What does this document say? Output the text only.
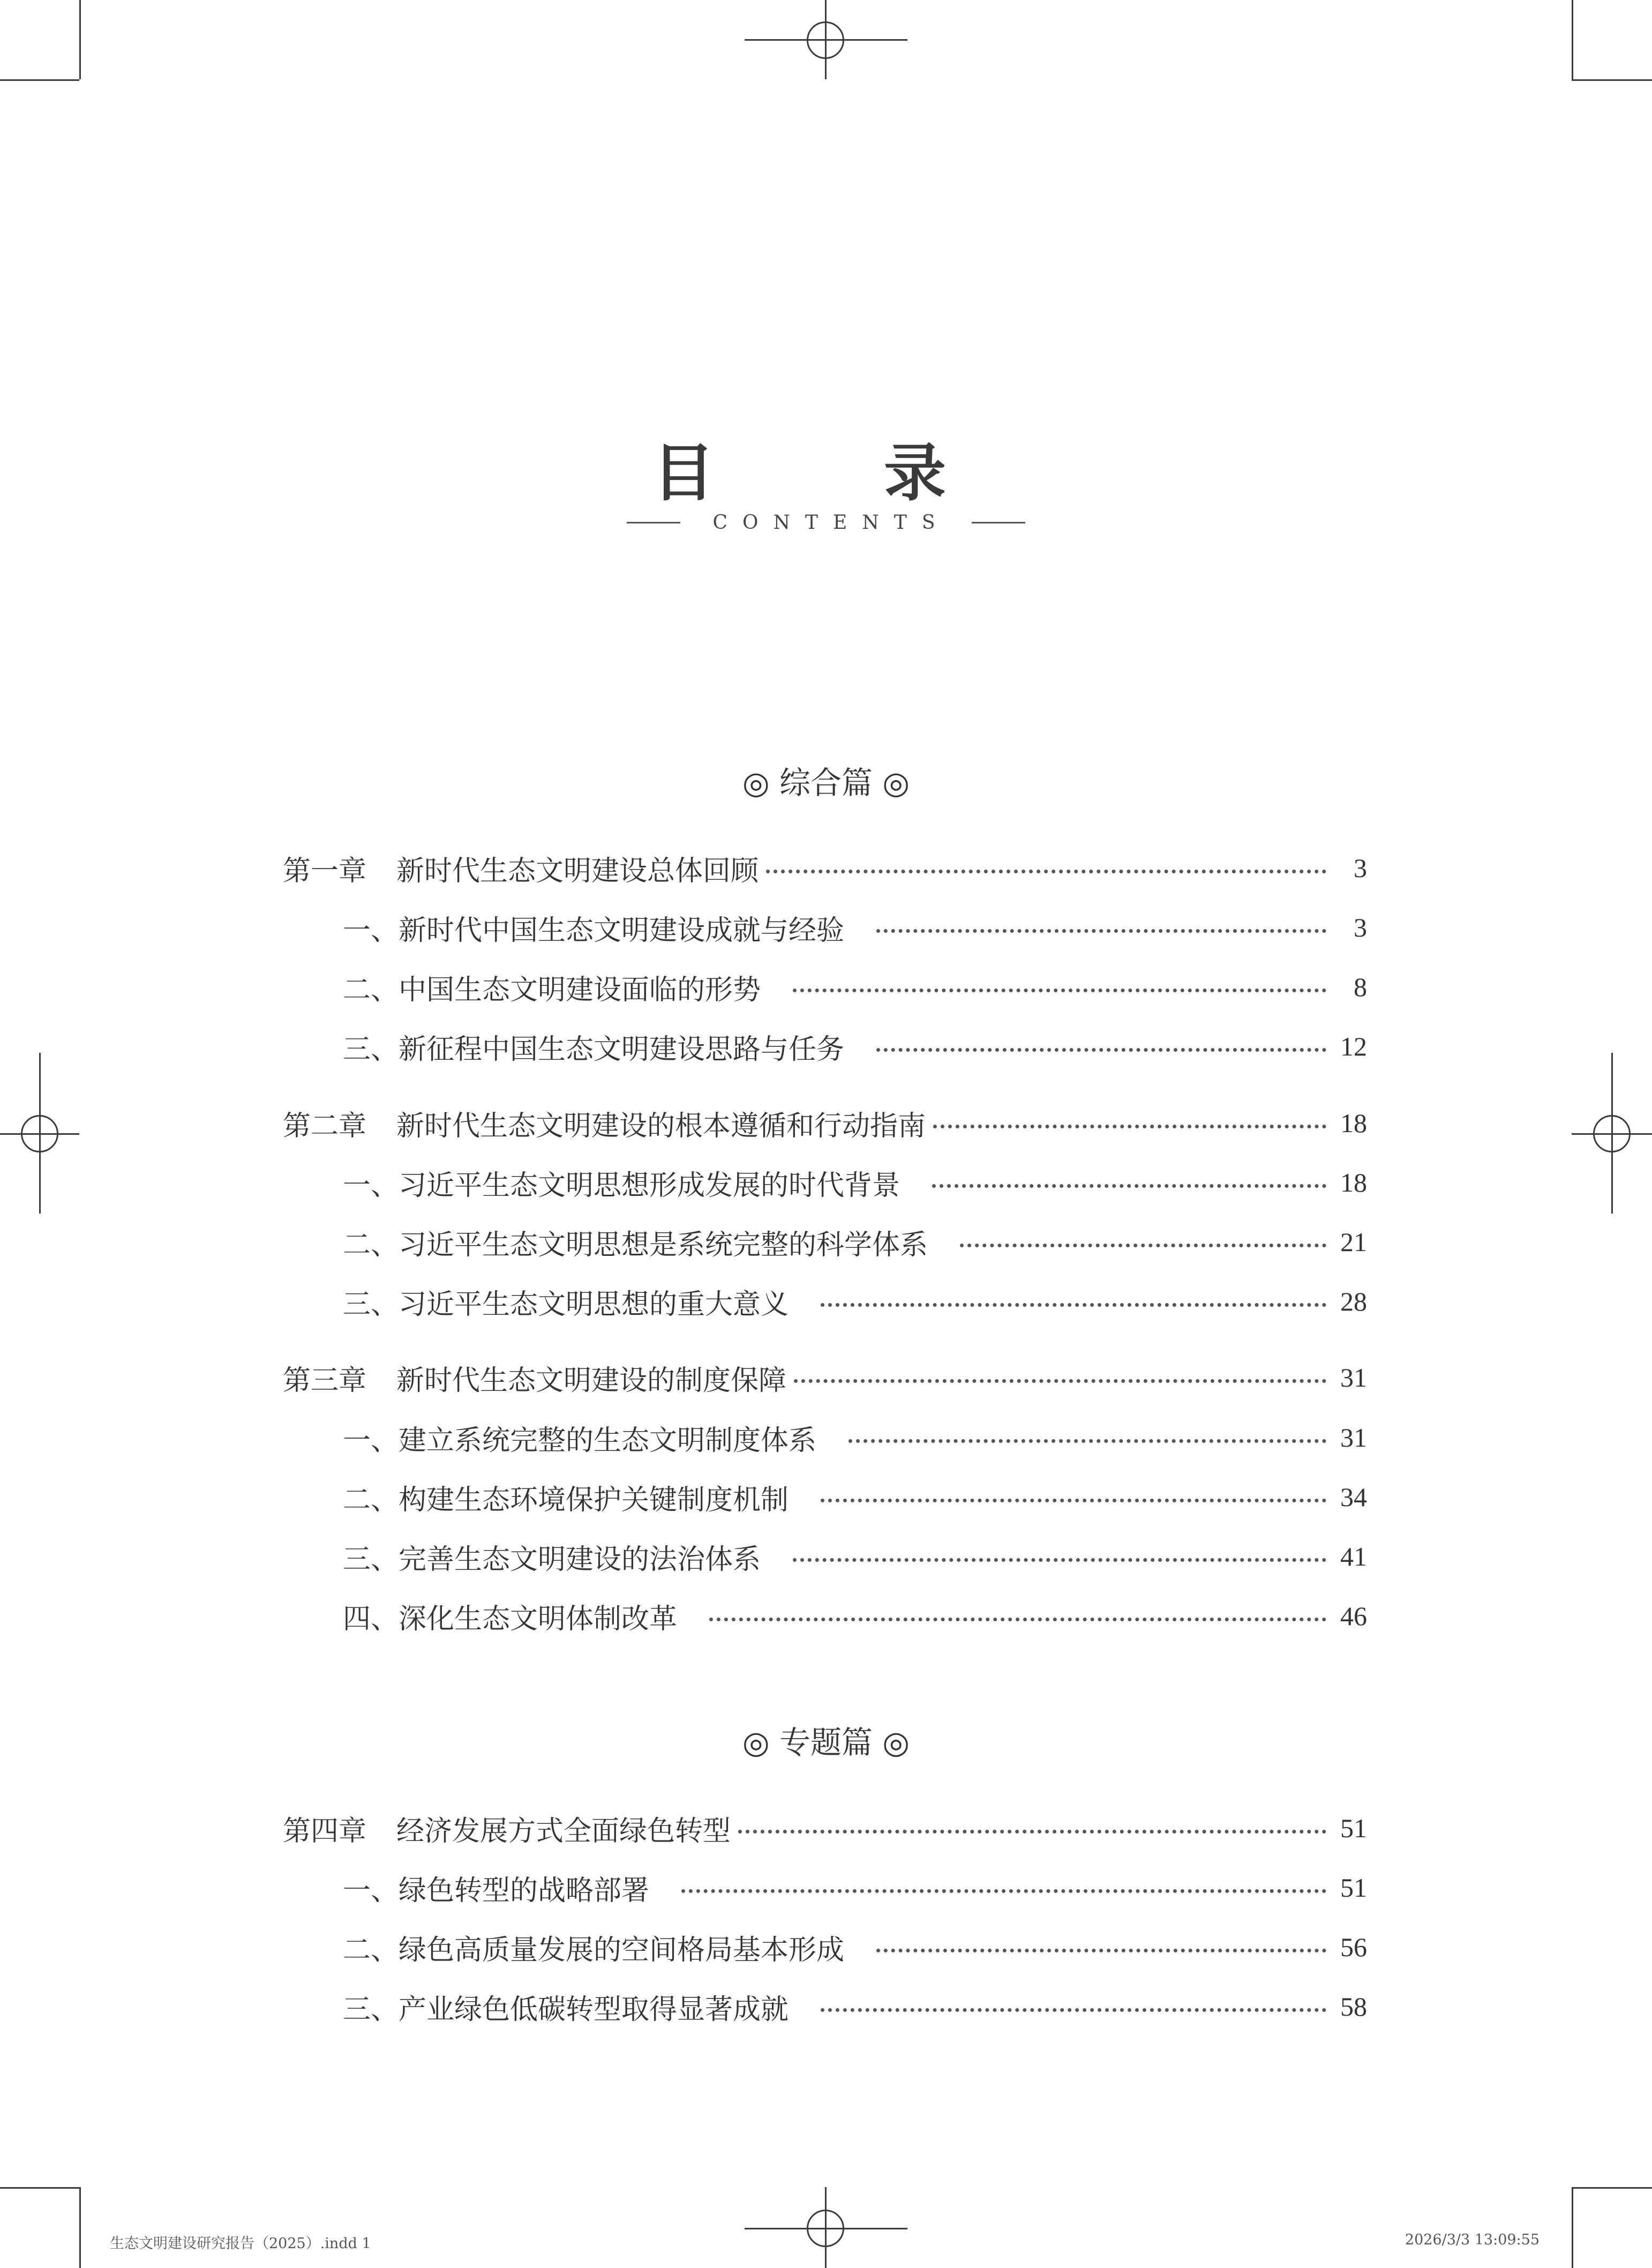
目　录
CONTENTS
◎ 综合篇 ◎
◎ 专题篇 ◎
第一章 新时代生态文明建设总体回顾	3
一、新时代中国生态文明建设成就与经验	3
二、中国生态文明建设面临的形势	8
三、新征程中国生态文明建设思路与任务	12
第二章 新时代生态文明建设的根本遵循和行动指南	18
一、习近平生态文明思想形成发展的时代背景	18
二、习近平生态文明思想是系统完整的科学体系	21
三、习近平生态文明思想的重大意义	28
第三章 新时代生态文明建设的制度保障	31
一、建立系统完整的生态文明制度体系	31
二、构建生态环境保护关键制度机制	34
三、完善生态文明建设的法治体系	41
四、深化生态文明体制改革	46
第四章 经济发展方式全面绿色转型	51
一、绿色转型的战略部署	51
二、绿色高质量发展的空间格局基本形成	56
三、产业绿色低碳转型取得显著成就	58
生态文明建设研究报告（2025）.indd 1	2026/3/3 13:09:55
